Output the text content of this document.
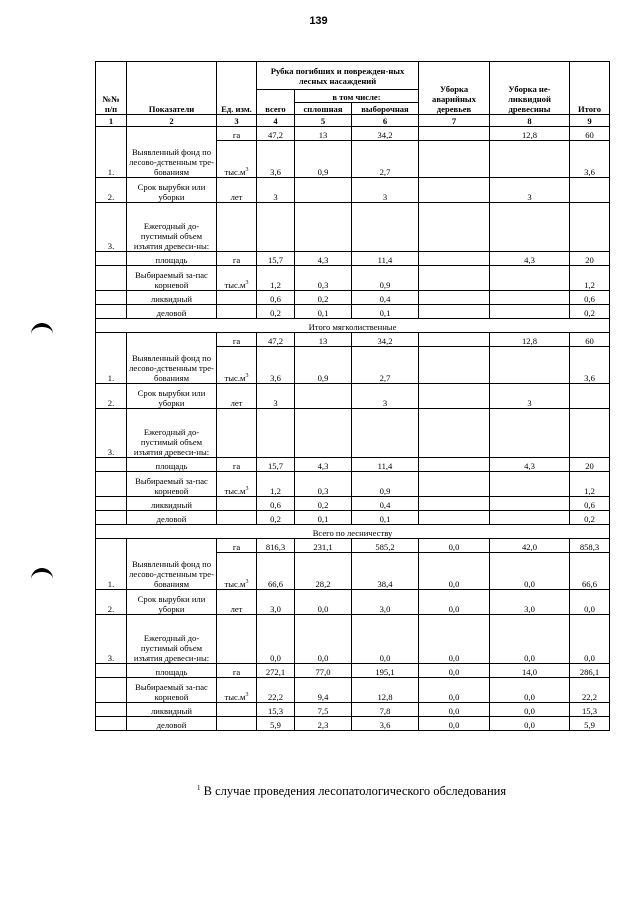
139
№№ п/п	Показатели	Ед. изм.	Рубка погибших и поврежден-ных лесных насаждений			Уборка аварийных деревьев	Уборка не-ликвидной древесины	Итого
			всего	в том числе:				
				сплошная	выборочная			
1	2	3	4	5	6	7	8	9
1.	Выявленный фонд по лесово-дственным тре-бованиям	га	47,2	13	34,2		12,8	60
		$тыс.м^3$	3,6	0,9	2,7			3,6
2.	Срок вырубки или уборки	лет	3		3		3	
3.	Ежегодный до-пустимый объем изъятия древеси-ны:							
	площадь	га	15,7	4,3	11,4		4,3	20
	Выбираемый за-пас корневой	$тыс.м^3$	1,2	0,3	0,9			1,2
	ликвидный		0,6	0,2	0,4			0,6
	деловой		0,2	0,1	0,1			0,2
Итого мягколиственные								
1.	Выявленный фонд по лесово-дственным тре-бованиям	га	47,2	13	34,2		12,8	60
		$тыс.м^3$	3,6	0,9	2,7			3,6
2.	Срок вырубки или уборки	лет	3		3		3	
3.	Ежегодный до-пустимый объем изъятия древеси-ны:							
	площадь	га	15,7	4,3	11,4		4,3	20
	Выбираемый за-пас корневой	$тыс.м^3$	1,2	0,3	0,9			1,2
	ликвидный		0,6	0,2	0,4			0,6
	деловой		0,2	0,1	0,1			0,2
Всего по лесничеству								
1.	Выявленный фонд по лесово-дственным тре-бованиям	га	816,3	231,1	585,2	0,0	42,0	858,3
		$тыс.м^3$	66,6	28,2	38,4	0,0	0,0	66,6
2.	Срок вырубки или уборки	лет	3,0	0,0	3,0	0,0	3,0	0,0
3.	Ежегодный до-пустимый объем изъятия древеси-ны:		0,0	0,0	0,0	0,0	0,0	0,0
	площадь	га	272,1	77,0	195,1	0,0	14,0	286,1
	Выбираемый за-пас корневой	$тыс.м^3$	22,2	9,4	12,8	0,0	0,0	22,2
	ликвидный		15,3	7,5	7,8	0,0	0,0	15,3
	деловой		5,9	2,3	3,6	0,0	0,0	5,9
$^1$ В случае проведения лесопатологического обследования
